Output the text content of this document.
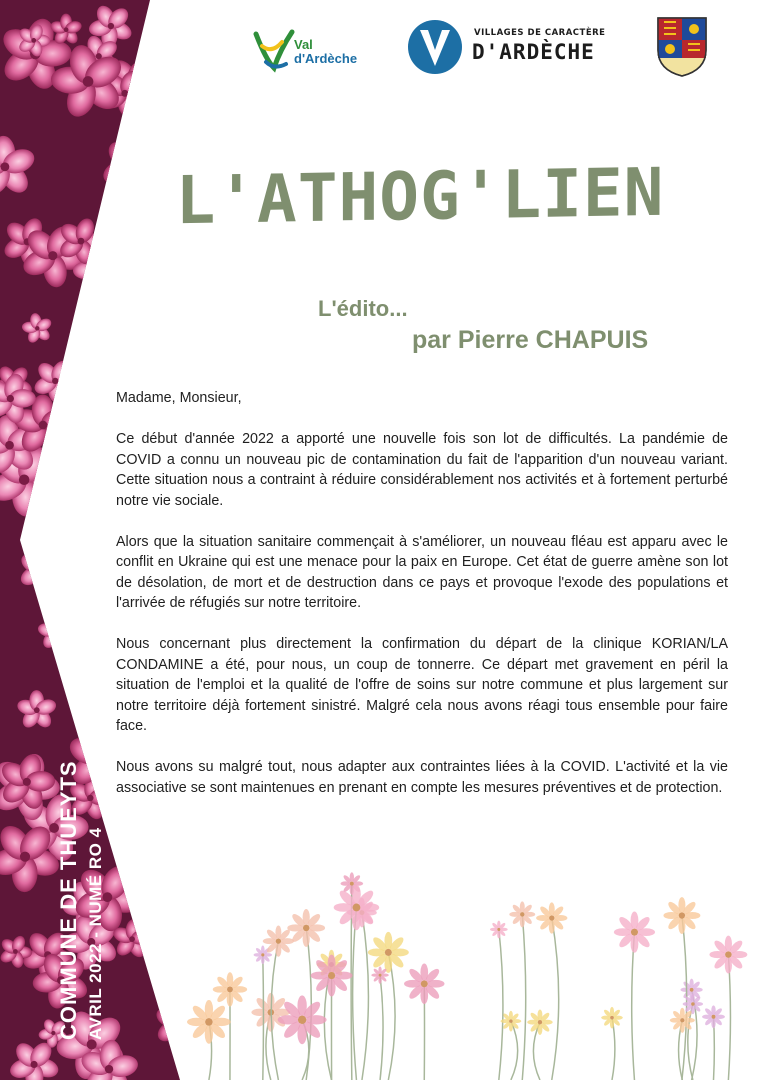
COMMUNE DE THUEYTS AVRIL 2022 - NUMÉ RO 4
Val
d'Ardèche
VILLAGES DE CARACTÈRE
D'ARDÈCHE
L'ATHOG'LIEN
L'édito...
par Pierre CHAPUIS

Madame, Monsieur,

Ce début d'année 2022 a apporté une nouvelle fois son lot de difficultés. La pandémie de COVID a connu un nouveau pic de contamination du fait de l'apparition d'un nouveau variant. Cette situation nous a contraint à réduire considérablement nos activités et à fortement perturbé notre vie sociale.

Alors que la situation sanitaire commençait à s'améliorer, un nouveau fléau est apparu avec le conflit en Ukraine qui est une menace pour la paix en Europe. Cet état de guerre amène son lot de désolation, de mort et de destruction dans ce pays et provoque l'exode des populations et l'arrivée de réfugiés sur notre territoire.

Nous concernant plus directement la confirmation du départ de la clinique KORIAN/LA CONDAMINE a été, pour nous, un coup de tonnerre. Ce départ met gravement en péril la situation de l'emploi et la qualité de l'offre de soins sur notre commune et plus largement sur notre territoire déjà fortement sinistré. Malgré cela nous avons réagi tous ensemble pour faire face.

Nous avons su malgré tout, nous adapter aux contraintes liées à la COVID. L'activité et la vie associative se sont maintenues en prenant en compte les mesures préventives et de protection.
